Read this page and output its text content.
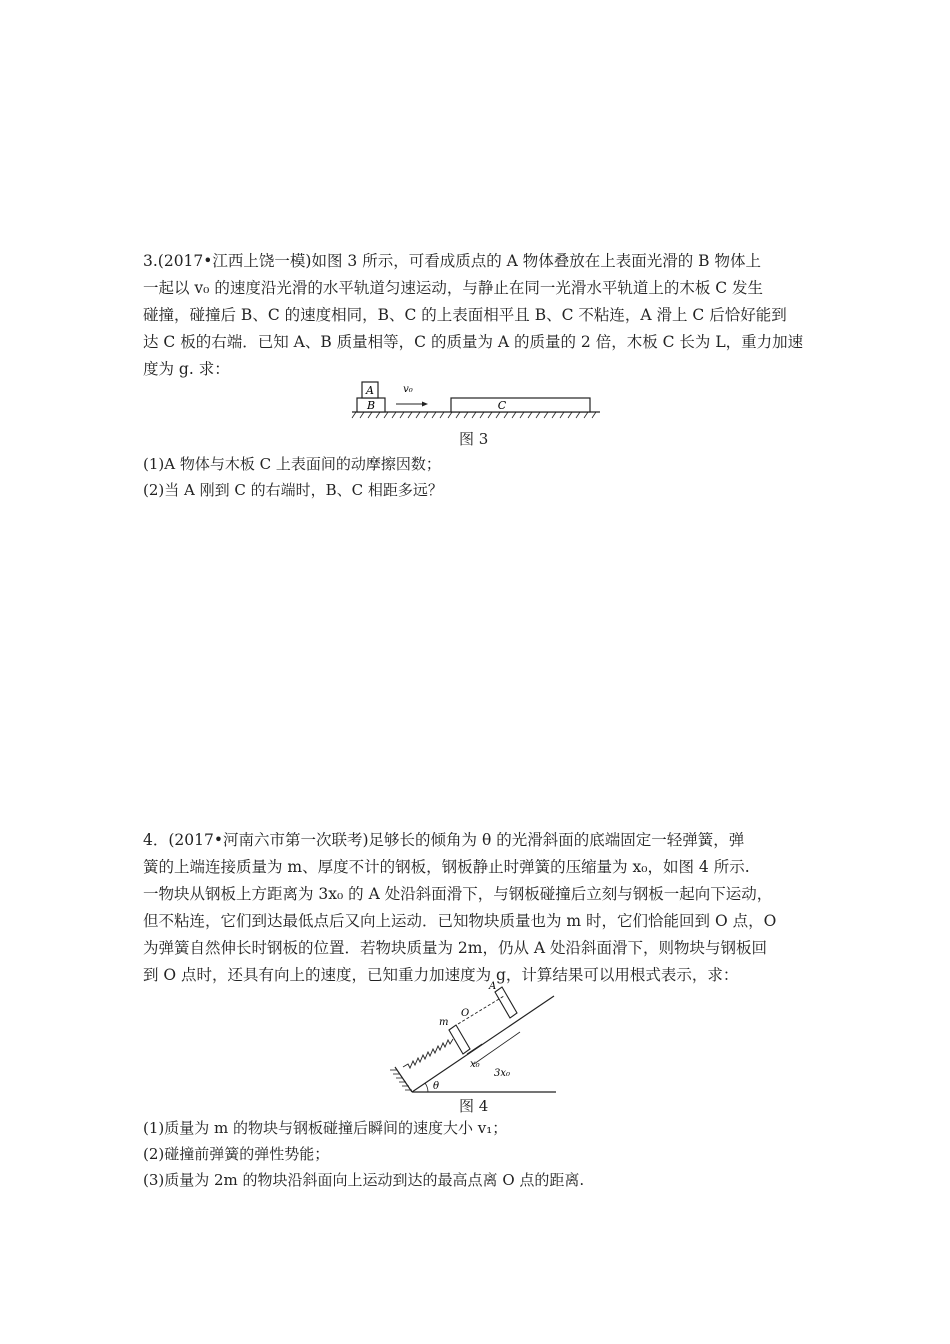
3.(2017•江西上饶一模)如图 3 所示，可看成质点的 A 物体叠放在上表面光滑的 B 物体上
一起以 v₀ 的速度沿光滑的水平轨道匀速运动，与静止在同一光滑水平轨道上的木板 C 发生
碰撞，碰撞后 B、C 的速度相同，B、C 的上表面相平且 B、C 不粘连，A 滑上 C 后恰好能到
达 C 板的右端．已知 A、B 质量相等，C 的质量为 A 的质量的 2 倍，木板 C 长为 L，重力加速
度为 g. 求：
B
A	v₀
C
图 3
(1)A 物体与木板 C 上表面间的动摩擦因数；
(2)当 A 刚到 C 的右端时，B、C 相距多远？
4．(2017•河南六市第一次联考)足够长的倾角为 θ 的光滑斜面的底端固定一轻弹簧，弹
簧的上端连接质量为 m、厚度不计的钢板，钢板静止时弹簧的压缩量为 x₀，如图 4 所示.
一物块从钢板上方距离为 3x₀ 的 A 处沿斜面滑下，与钢板碰撞后立刻与钢板一起向下运动，
但不粘连，它们到达最低点后又向上运动．已知物块质量也为 m 时，它们恰能回到 O 点，O
为弹簧自然伸长时钢板的位置．若物块质量为 2m，仍从 A 处沿斜面滑下，则物块与钢板回
到 O 点时，还具有向上的速度，已知重力加速度为 g，计算结果可以用根式表示，求：
m
A
O
x₀
3x₀
θ
图 4
(1)质量为 m 的物块与钢板碰撞后瞬间的速度大小 v₁；
(2)碰撞前弹簧的弹性势能；
(3)质量为 2m 的物块沿斜面向上运动到达的最高点离 O 点的距离.
